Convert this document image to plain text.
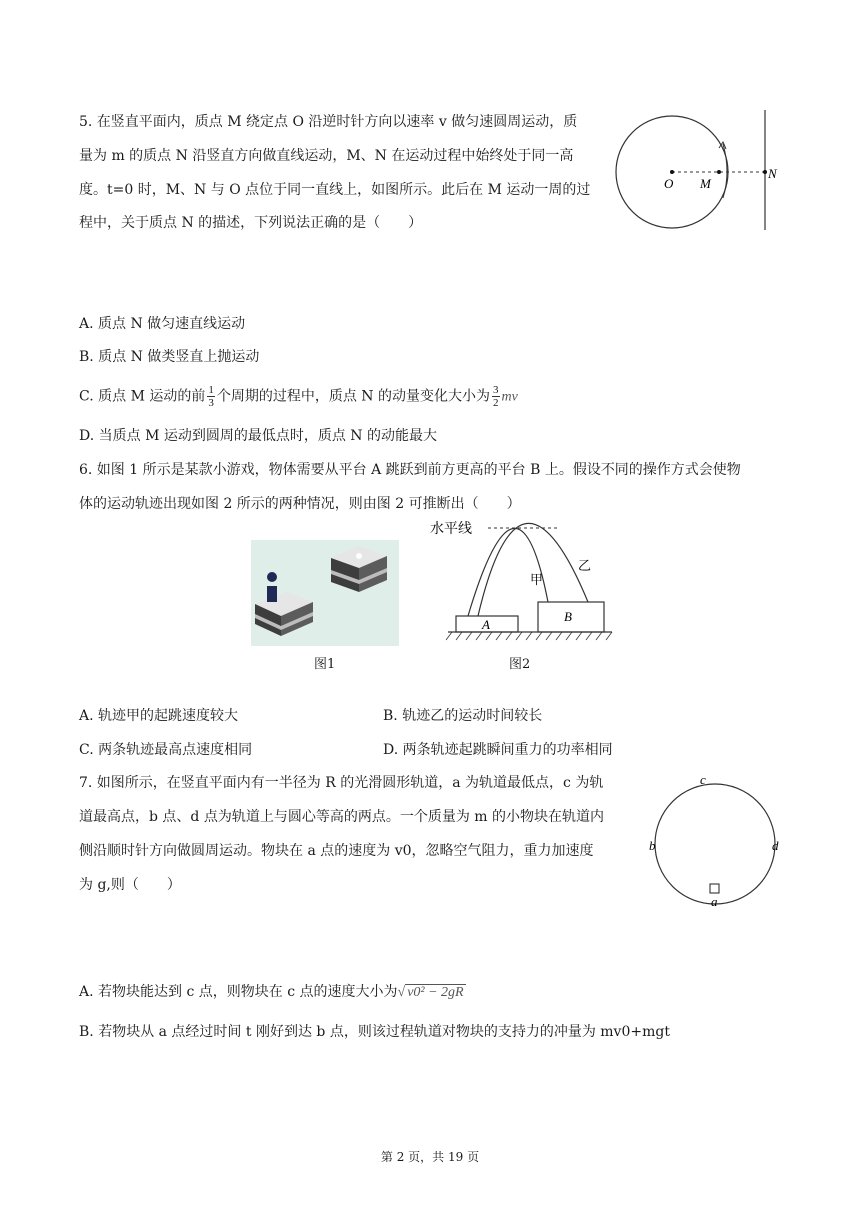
5. 在竖直平面内，质点 M 绕定点 O 沿逆时针方向以速率 v 做匀速圆周运动，质
量为 m 的质点 N 沿竖直方向做直线运动，M、N 在运动过程中始终处于同一高
度。t=0 时，M、N 与 O 点位于同一直线上，如图所示。此后在 M 运动一周的过
程中，关于质点 N 的描述，下列说法正确的是（　　）
O M
N
A. 质点 N 做匀速直线运动
B. 质点 N 做类竖直上抛运动
C. 质点 M 运动的前 $\frac{1}{3}$ 个周期的过程中，质点 N 的动量变化大小为 $\frac{3}{2}$ mv
D. 当质点 M 运动到圆周的最低点时，质点 N 的动能最大
6. 如图 1 所示是某款小游戏，物体需要从平台 A 跳跃到前方更高的平台 B 上。假设不同的操作方式会使物
体的运动轨迹出现如图 2 所示的两种情况，则由图 2 可推断出（　　）
水平线
甲
乙
A
B
图1	图2
A. 轨迹甲的起跳速度较大	B. 轨迹乙的运动时间较长
C. 两条轨迹最高点速度相同	D. 两条轨迹起跳瞬间重力的功率相同
7. 如图所示，在竖直平面内有一半径为 R 的光滑圆形轨道，a 为轨道最低点，c 为轨
道最高点，b 点、d 点为轨道上与圆心等高的两点。一个质量为 m 的小物块在轨道内
侧沿顺时针方向做圆周运动。物块在 a 点的速度为 v0，忽略空气阻力，重力加速度
为 g,则（　　）
c
b	d
a
A. 若物块能达到 c 点，则物块在 c 点的速度大小为√ v0² − 2gR
B. 若物块从 a 点经过时间 t 刚好到达 b 点，则该过程轨道对物块的支持力的冲量为 mv0+mgt
第 2 页，共 19 页
